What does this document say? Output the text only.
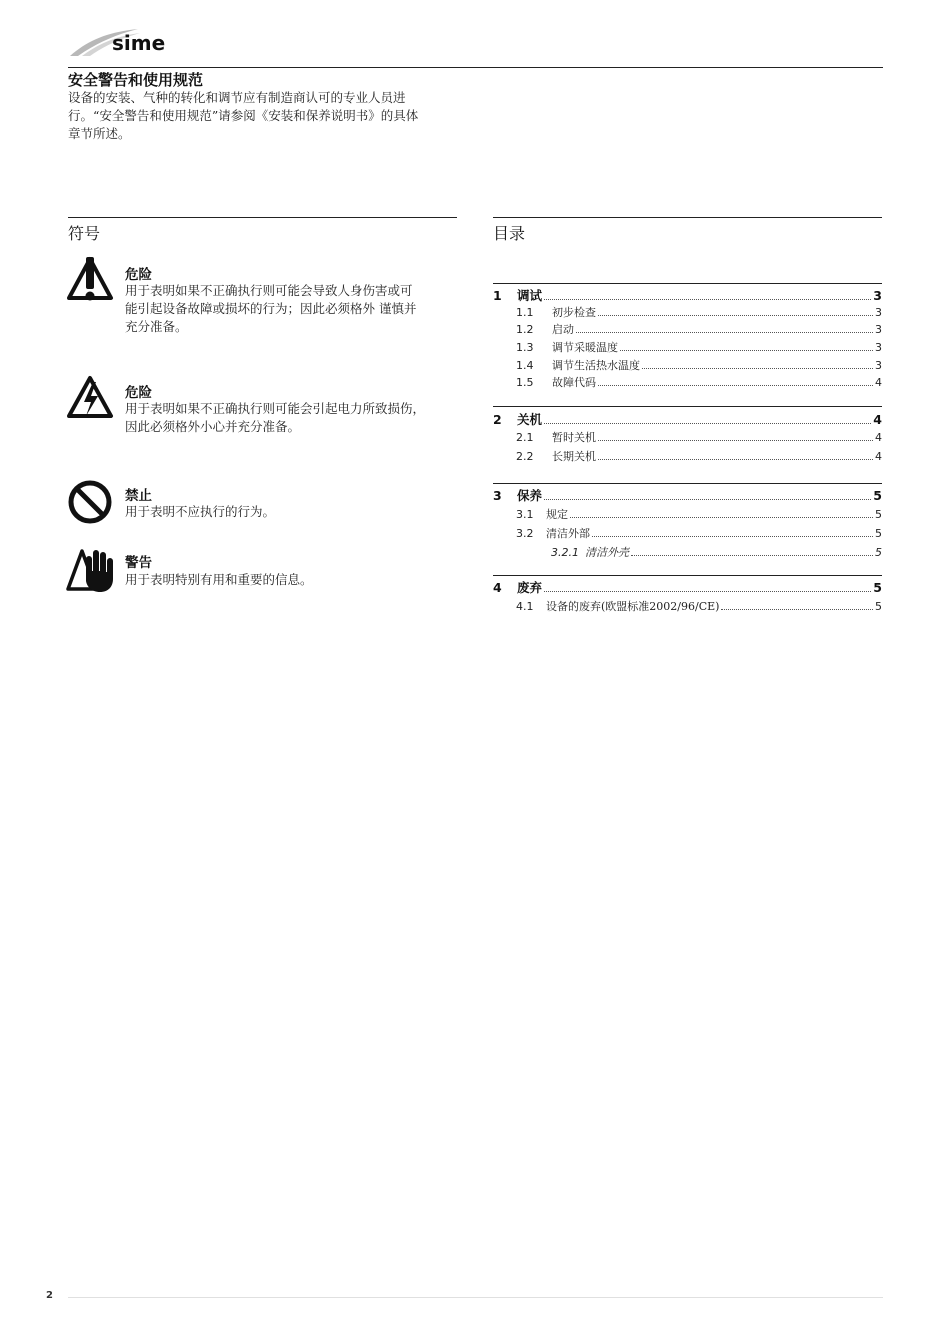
sime
安全警告和使用规范
设备的安装、气种的转化和调节应有制造商认可的专业人员进
行。“安全警告和使用规范”请参阅《安装和保养说明书》的具体
章节所述。
符号
危险
用于表明如果不正确执行则可能会导致人身伤害或可
能引起设备故障或损坏的行为；因此必须格外 谨慎并
充分准备。
危险
用于表明如果不正确执行则可能会引起电力所致损伤，
因此必须格外小心并充分准备。
禁止
用于表明不应执行的行为。
警告
用于表明特别有用和重要的信息。
目录
1	调试	3
1.1	初步检查	3
1.2	启动	3
1.3	调节采暖温度	3
1.4	调节生活热水温度	3
1.5	故障代码	4
2	关机	4
2.1	暂时关机	4
2.2	长期关机	4
3	保养	5
3.1	规定	5
3.2	清洁外部	5
3.2.1 清洁外壳	5
4	废弃	5
4.1	设备的废弃(欧盟标准2002/96/CE)	5
2
